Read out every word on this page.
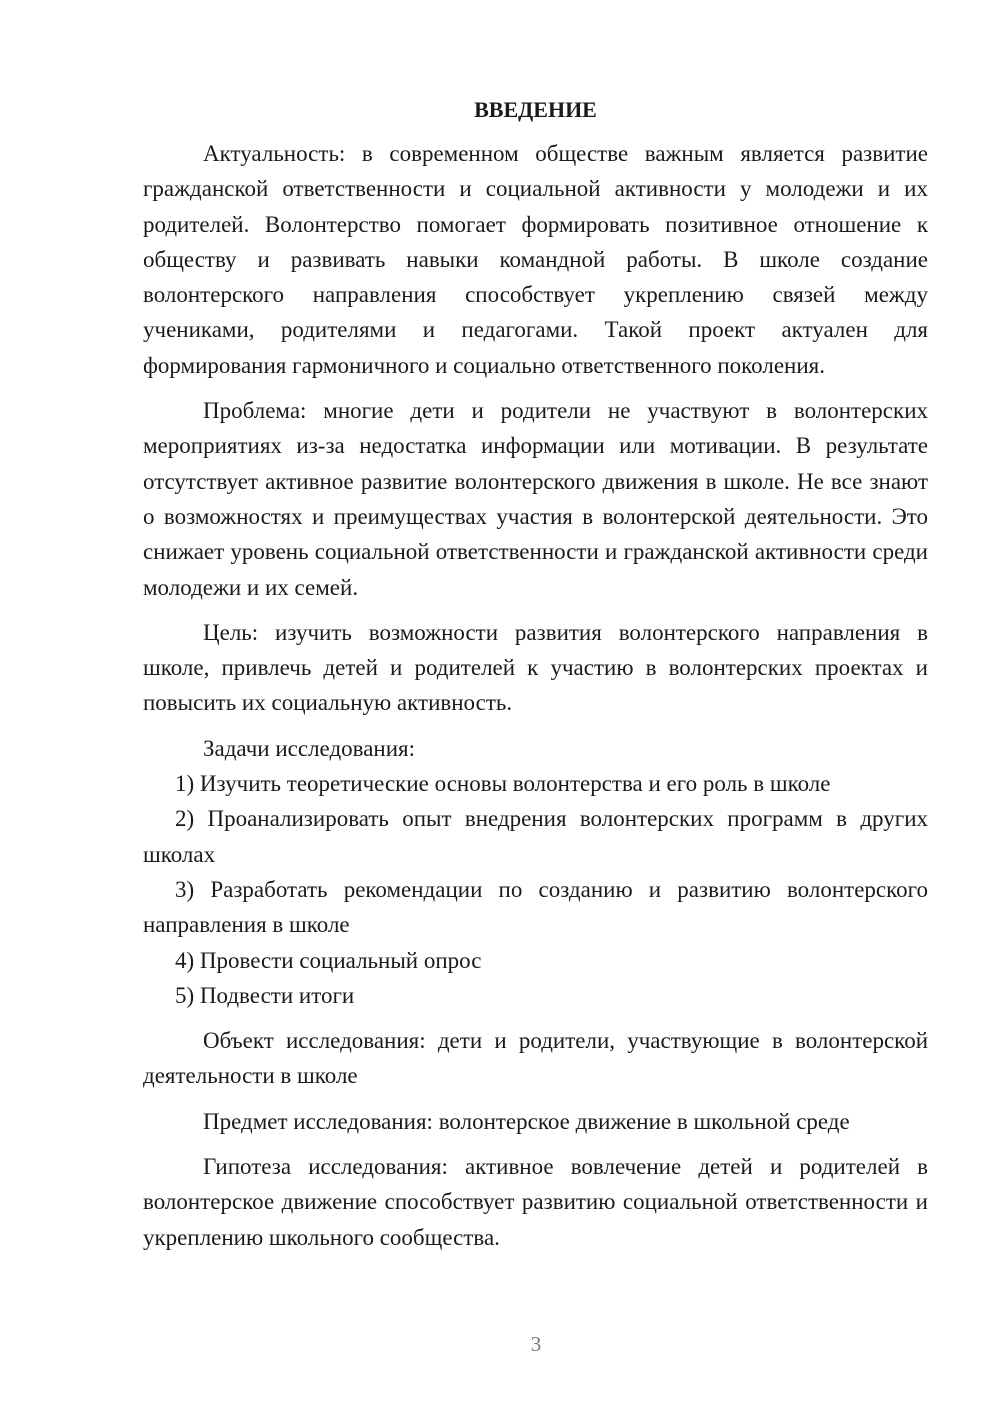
ВВЕДЕНИЕ

Актуальность: в современном обществе важным является развитие гражданской ответственности и социальной активности у молодежи и их родителей. Волонтерство помогает формировать позитивное отношение к обществу и развивать навыки командной работы. В школе создание волонтерского направления способствует укреплению связей между учениками, родителями и педагогами. Такой проект актуален для формирования гармоничного и социально ответственного поколения.

Проблема: многие дети и родители не участвуют в волонтерских мероприятиях из-за недостатка информации или мотивации. В результате отсутствует активное развитие волонтерского движения в школе. Не все знают о возможностях и преимуществах участия в волонтерской деятельности. Это снижает уровень социальной ответственности и гражданской активности среди молодежи и их семей.

Цель: изучить возможности развития волонтерского направления в школе, привлечь детей и родителей к участию в волонтерских проектах и повысить их социальную активность.

Задачи исследования:

1) Изучить теоретические основы волонтерства и его роль в школе

2) Проанализировать опыт внедрения волонтерских программ в других школах

3) Разработать рекомендации по созданию и развитию волонтерского направления в школе

4) Провести социальный опрос

5) Подвести итоги

Объект исследования: дети и родители, участвующие в волонтерской деятельности в школе

Предмет исследования: волонтерское движение в школьной среде

Гипотеза исследования: активное вовлечение детей и родителей в волонтерское движение способствует развитию социальной ответственности и укреплению школьного сообщества.

3
